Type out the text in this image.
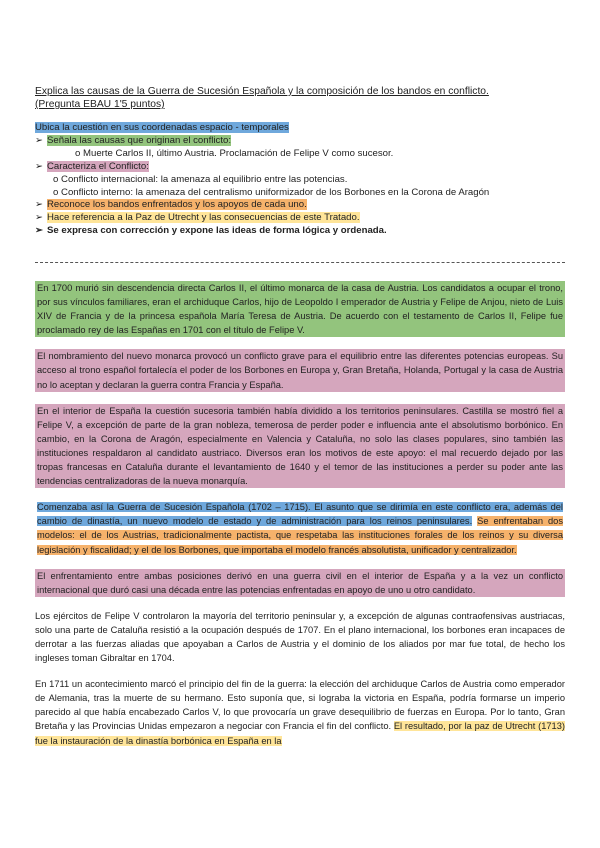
Explica las causas de la Guerra de Sucesión Española y la composición de los bandos en conflicto.
(Pregunta EBAU 1'5 puntos)
Ubica la cuestión en sus coordenadas espacio - temporales
➢ Señala las causas que originan el conflicto:
o Muerte Carlos II, último Austria. Proclamación de Felipe V como sucesor.
➢ Caracteriza el Conflicto:
o Conflicto internacional: la amenaza al equilibrio entre las potencias.
o Conflicto interno: la amenaza del centralismo uniformizador de los Borbones en la Corona de Aragón
➢ Reconoce los bandos enfrentados y los apoyos de cada uno.
➢ Hace referencia a la Paz de Utrecht y las consecuencias de este Tratado.
➢ Se expresa con corrección y expone las ideas de forma lógica y ordenada.

En 1700 murió sin descendencia directa Carlos II, el último monarca de la casa de Austria. Los candidatos a ocupar el trono, por sus vínculos familiares, eran el archiduque Carlos, hijo de Leopoldo I emperador de Austria y Felipe de Anjou, nieto de Luis XIV de Francia y de la princesa española María Teresa de Austria. De acuerdo con el testamento de Carlos II, Felipe fue proclamado rey de las Españas en 1701 con el título de Felipe V.

El nombramiento del nuevo monarca provocó un conflicto grave para el equilibrio entre las diferentes potencias europeas. Su acceso al trono español fortalecía el poder de los Borbones en Europa y, Gran Bretaña, Holanda, Portugal y la casa de Austria no lo aceptan y declaran la guerra contra Francia y España.

En el interior de España la cuestión sucesoria también había dividido a los territorios peninsulares. Castilla se mostró fiel a Felipe V, a excepción de parte de la gran nobleza, temerosa de perder poder e influencia ante el absolutismo borbónico. En cambio, en la Corona de Aragón, especialmente en Valencia y Cataluña, no solo las clases populares, sino también las instituciones respaldaron al candidato austriaco. Diversos eran los motivos de este apoyo: el mal recuerdo dejado por las tropas francesas en Cataluña durante el levantamiento de 1640 y el temor de las instituciones a perder su poder ante las tendencias centralizadoras de la nueva monarquía.

Comenzaba así la Guerra de Sucesión Española (1702 – 1715). El asunto que se dirimía en este conflicto era, además del cambio de dinastía, un nuevo modelo de estado y de administración para los reinos peninsulares. Se enfrentaban dos modelos: el de los Austrias, tradicionalmente pactista, que respetaba las instituciones forales de los reinos y su diversa legislación y fiscalidad; y el de los Borbones, que importaba el modelo francés absolutista, unificador y centralizador.

El enfrentamiento entre ambas posiciones derivó en una guerra civil en el interior de España y a la vez un conflicto internacional que duró casi una década entre las potencias enfrentadas en apoyo de uno u otro candidato.

Los ejércitos de Felipe V controlaron la mayoría del territorio peninsular y, a excepción de algunas contraofensivas austriacas, solo una parte de Cataluña resistió a la ocupación después de 1707. En el plano internacional, los borbones eran incapaces de derrotar a las fuerzas aliadas que apoyaban a Carlos de Austria y el dominio de los aliados por mar fue total, de hecho los ingleses toman Gibraltar en 1704.

En 1711 un acontecimiento marcó el principio del fin de la guerra: la elección del archiduque Carlos de Austria como emperador de Alemania, tras la muerte de su hermano. Esto suponía que, si lograba la victoria en España, podría formarse un imperio parecido al que había encabezado Carlos V, lo que provocaría un grave desequilibrio de fuerzas en Europa. Por lo tanto, Gran Bretaña y las Provincias Unidas empezaron a negociar con Francia el fin del conflicto. El resultado, por la paz de Utrecht (1713) fue la instauración de la dinastía borbónica en España en la
